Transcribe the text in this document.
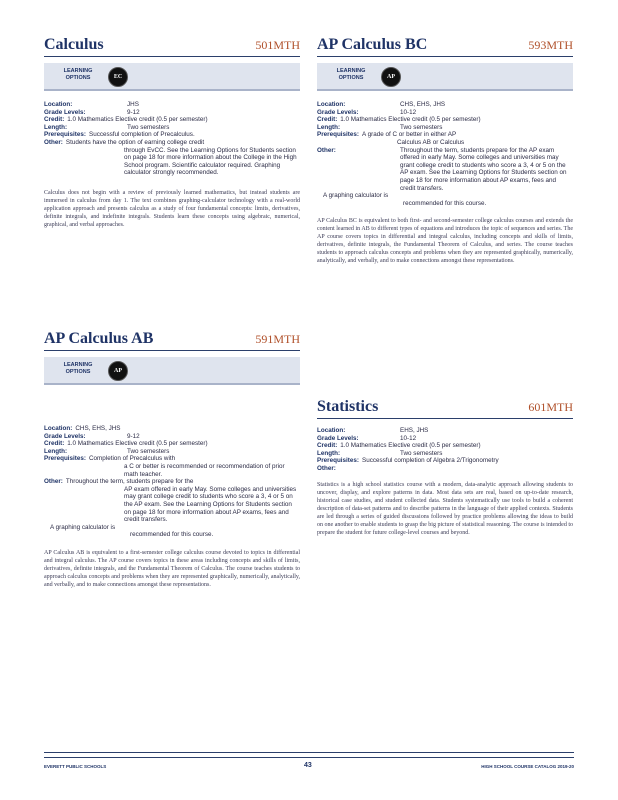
Calculus	501MTH
LEARNING
OPTIONS	EC
Location:	JHS
Grade Levels:	9-12
Credit: 1.0 Mathematics Elective credit (0.5 per semester)
Length:	Two semesters
Prerequisites: Successful completion of Precalculus.
Other: Students have the option of earning college credit
through EvCC. See the Learning Options for Students section on page 18 for more information about the College in the High School program. Scientific calculator required. Graphing calculator strongly recommended.
Calculus does not begin with a review of previously learned mathematics, but instead students are immersed in calculus from day 1. The text combines graphing-calculator technology with a real-world application approach and presents calculus as a study of four fundamental concepts: limits, derivatives, definite integrals, and indefinite integrals. Students learn these concepts using algebraic, numerical, graphical, and verbal approaches.
AP Calculus AB	591MTH
LEARNING
OPTIONS	AP
Location: CHS, EHS, JHS
Grade Levels:	9-12
Credit: 1.0 Mathematics Elective credit (0.5 per semester)
Length:	Two semesters
Prerequisites: Completion of Precalculus with
a C or better is recommended or recommendation of prior math teacher.
Other: Throughout the term, students prepare for the
AP exam offered in early May. Some colleges and universities may grant college credit to students who score a 3, 4 or 5 on the AP exam. See the Learning Options for Students section on page 18 for more information about AP exams, fees and credit transfers.
A graphing calculator is
recommended for this course.
AP Calculus AB is equivalent to a first-semester college calculus course devoted to topics in differential and integral calculus. The AP course covers topics in these areas including concepts and skills of limits, derivatives, definite integrals, and the Fundamental Theorem of Calculus. The course teaches students to approach calculus concepts and problems when they are represented graphically, numerically, analytically, and verbally, and to make connections amongst these representations.
AP Calculus BC	593MTH
LEARNING
OPTIONS	AP
Location:	CHS, EHS, JHS
Grade Levels:	10-12
Credit: 1.0 Mathematics Elective credit (0.5 per semester)
Length:	Two semesters
Prerequisites: A grade of C or better in either AP
Calculus AB or Calculus
Other:	Throughout the term, students prepare for the AP exam offered in early May. Some colleges and universities may grant college credit to students who score a 3, 4 or 5 on the AP exam. See the Learning Options for Students section on page 18 for more information about AP exams, fees and credit transfers.
A graphing calculator is
recommended for this course.
AP Calculus BC is equivalent to both first- and second-semester college calculus courses and extends the content learned in AB to different types of equations and introduces the topic of sequences and series. The AP course covers topics in differential and integral calculus, including concepts and skills of limits, derivatives, definite integrals, the Fundamental Theorem of Calculus, and series. The course teaches students to approach calculus concepts and problems when they are represented graphically, numerically, analytically, and verbally, and to make connections amongst these representations.
Statistics	601MTH
Location:	EHS, JHS
Grade Levels:	10-12
Credit: 1.0 Mathematics Elective credit (0.5 per semester)
Length:	Two semesters
Prerequisites: Successful completion of Algebra 2/Trigonometry
Other:
Statistics is a high school statistics course with a modern, data-analytic approach allowing students to uncover, display, and explore patterns in data. Most data sets are real, based on up-to-date research, historical case studies, and student collected data. Students systematically use tools to build a coherent description of data-set patterns and to describe patterns in the language of their applied contexts. Students are led through a series of guided discussions followed by practice problems allowing the ideas to build on one another to enable students to grasp the big picture of statistical reasoning. The course is intended to prepare the student for future college-level courses and beyond.
EVERETT PUBLIC SCHOOLS	43	HIGH SCHOOL COURSE CATALOG 2019-20
